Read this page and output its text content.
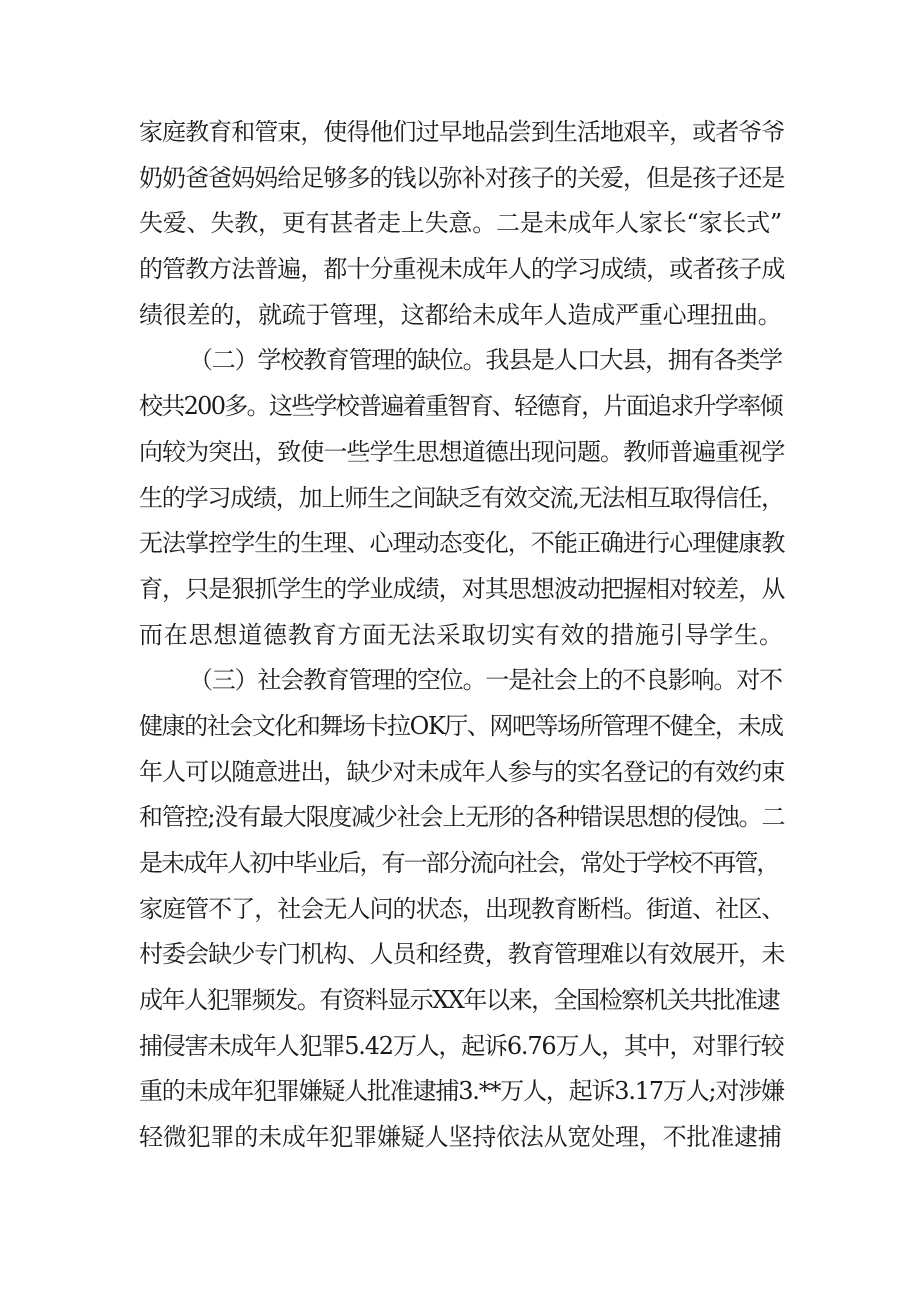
家庭教育和管束，使得他们过早地品尝到生活地艰辛，或者爷爷
奶奶爸爸妈妈给足够多的钱以弥补对孩子的关爱，但是孩子还是
失爱、失教，更有甚者走上失意。二是未成年人家长“家长式”
的管教方法普遍，都十分重视未成年人的学习成绩，或者孩子成
绩很差的，就疏于管理，这都给未成年人造成严重心理扭曲。
（二）学校教育管理的缺位。我县是人口大县，拥有各类学
校共200多。这些学校普遍着重智育、轻德育，片面追求升学率倾
向较为突出，致使一些学生思想道德出现问题。教师普遍重视学
生的学习成绩，加上师生之间缺乏有效交流,无法相互取得信任，
无法掌控学生的生理、心理动态变化，不能正确进行心理健康教
育，只是狠抓学生的学业成绩，对其思想波动把握相对较差，从
而在思想道德教育方面无法采取切实有效的措施引导学生。
（三）社会教育管理的空位。一是社会上的不良影响。对不
健康的社会文化和舞场卡拉OK厅、网吧等场所管理不健全，未成
年人可以随意进出，缺少对未成年人参与的实名登记的有效约束
和管控;没有最大限度减少社会上无形的各种错误思想的侵蚀。二
是未成年人初中毕业后，有一部分流向社会，常处于学校不再管，
家庭管不了，社会无人问的状态，出现教育断档。街道、社区、
村委会缺少专门机构、人员和经费，教育管理难以有效展开，未
成年人犯罪频发。有资料显示XX年以来，全国检察机关共批准逮
捕侵害未成年人犯罪5.42万人，起诉6.76万人，其中，对罪行较
重的未成年犯罪嫌疑人批准逮捕3.**万人，起诉3.17万人;对涉嫌
轻微犯罪的未成年犯罪嫌疑人坚持依法从宽处理，不批准逮捕
